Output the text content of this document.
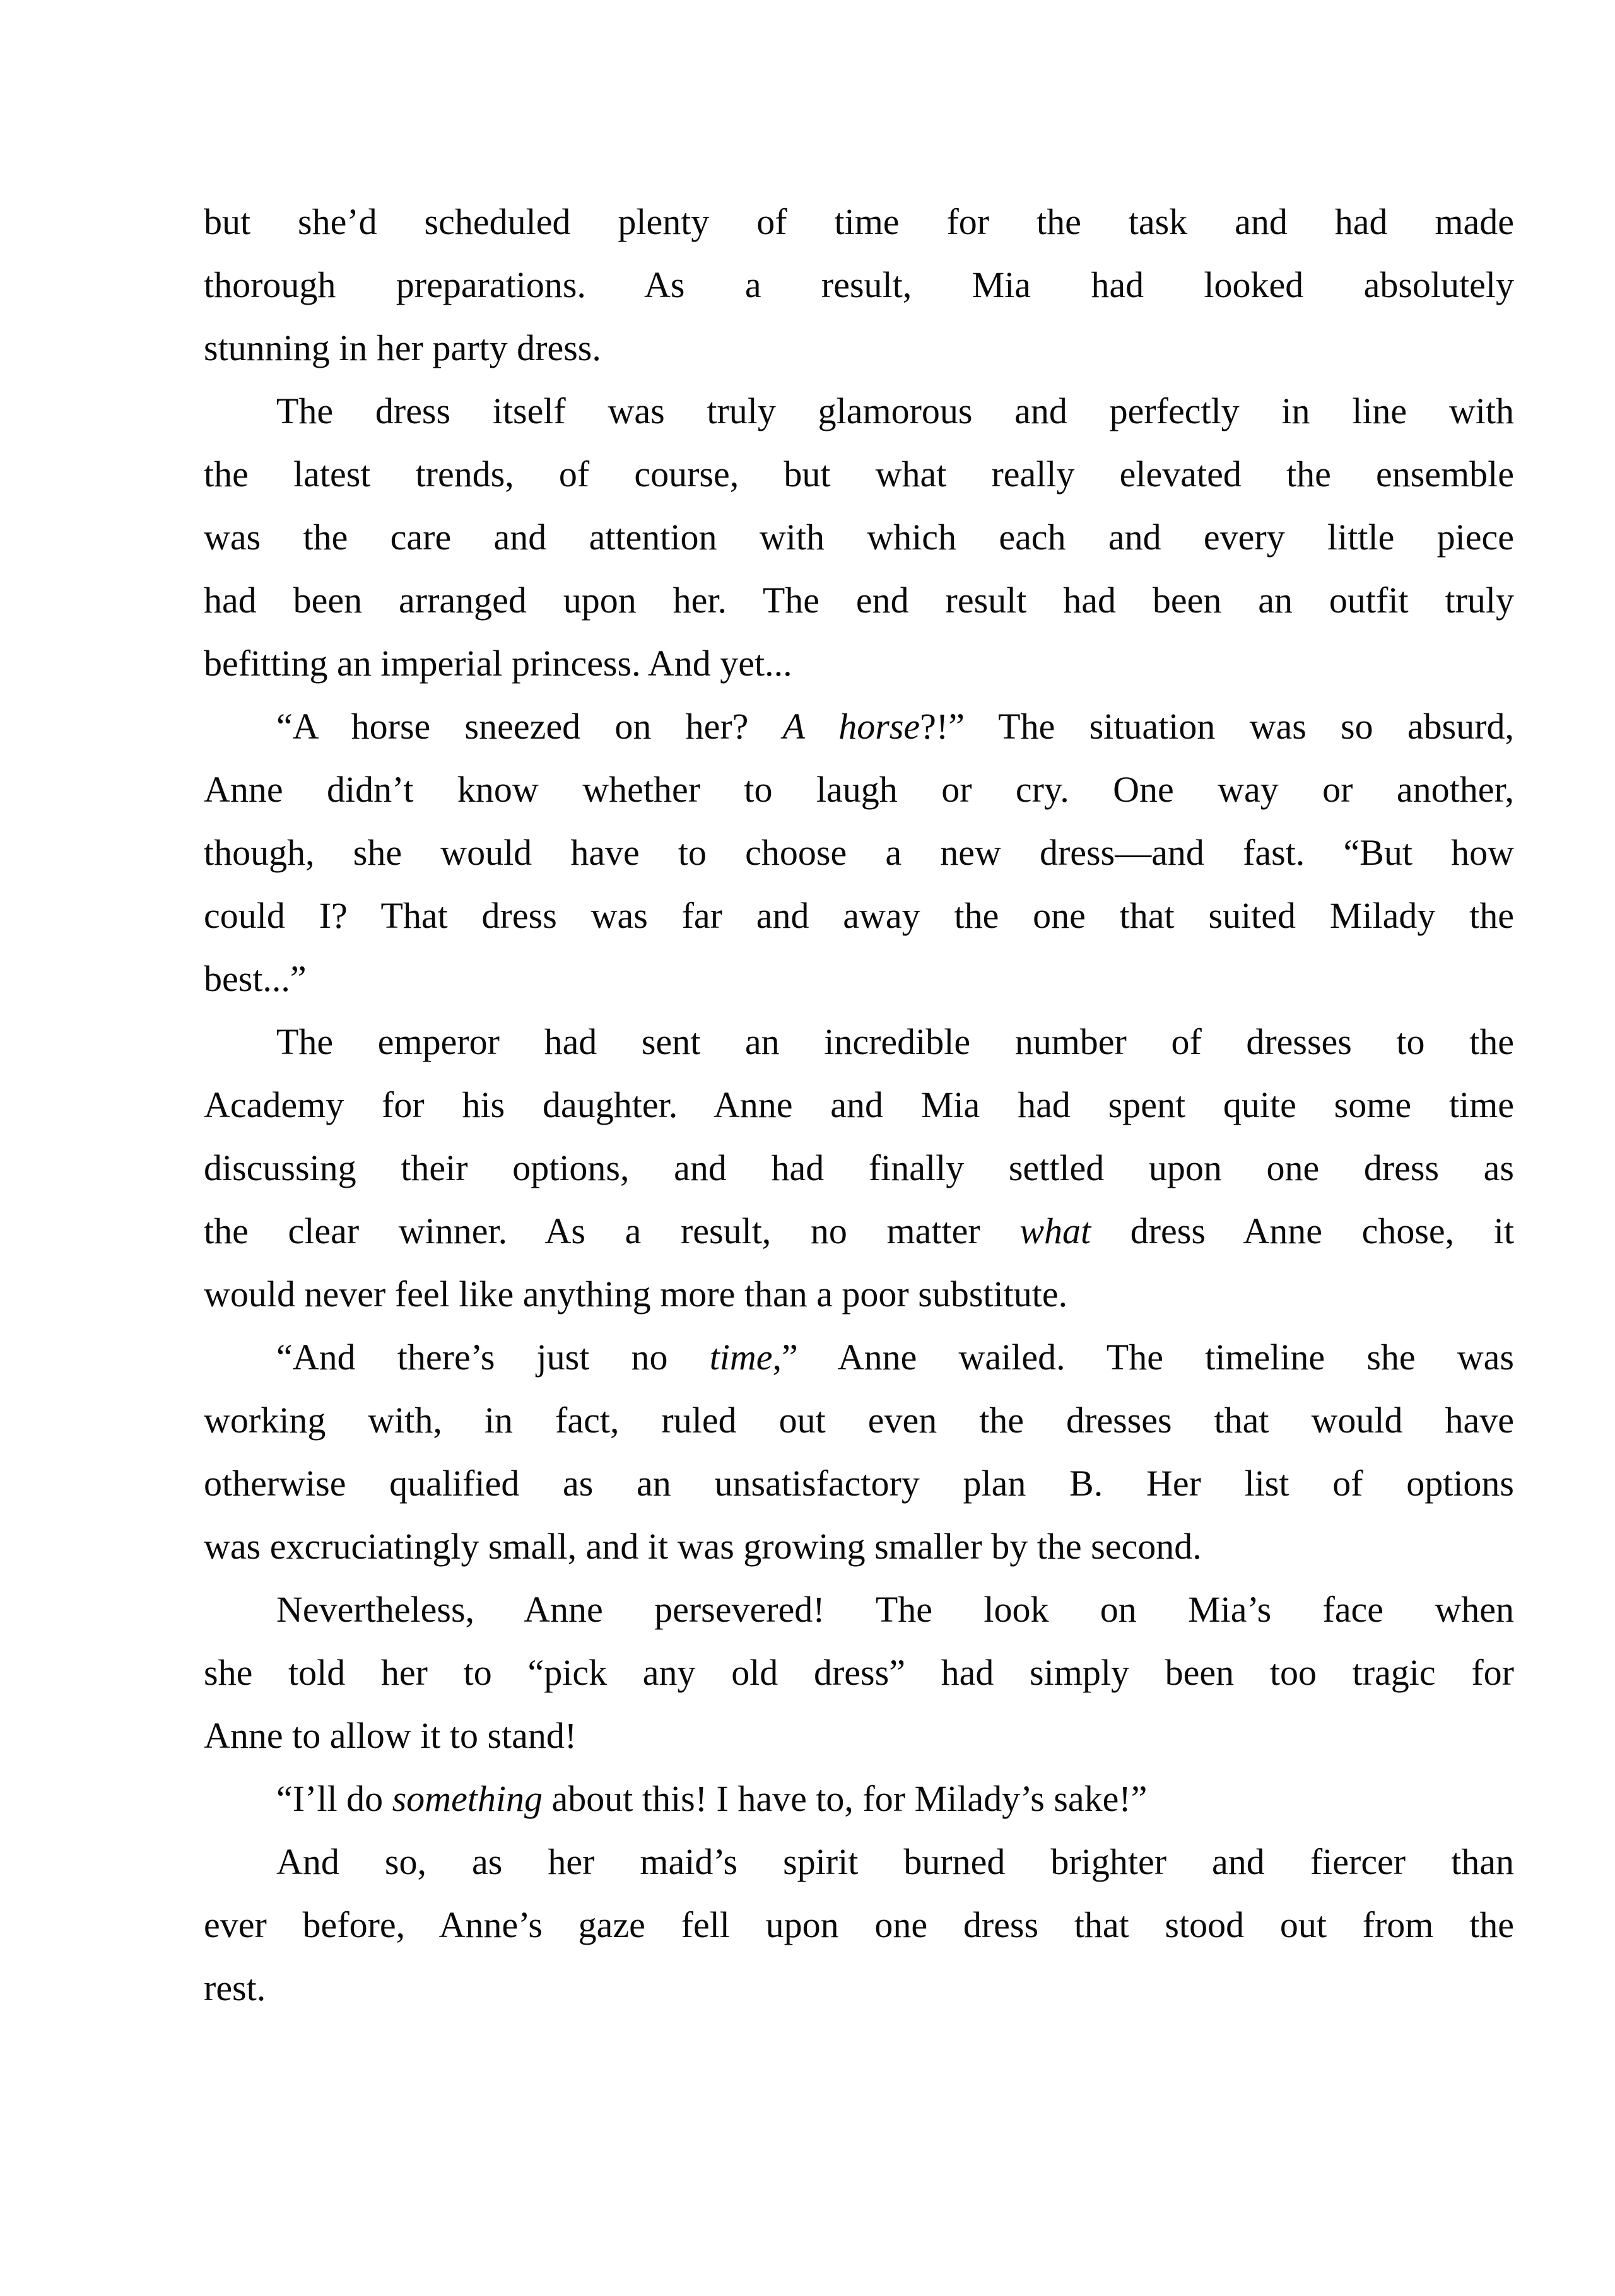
but she’d scheduled plenty of time for the task and had made
thorough preparations. As a result, Mia had looked absolutely
stunning in her party dress.
The dress itself was truly glamorous and perfectly in line with
the latest trends, of course, but what really elevated the ensemble
was the care and attention with which each and every little piece
had been arranged upon her. The end result had been an outfit truly
befitting an imperial princess. And yet...
“A horse sneezed on her? A horse?!” The situation was so absurd,
Anne didn’t know whether to laugh or cry. One way or another,
though, she would have to choose a new dress—and fast. “But how
could I? That dress was far and away the one that suited Milady the
best...”
The emperor had sent an incredible number of dresses to the
Academy for his daughter. Anne and Mia had spent quite some time
discussing their options, and had finally settled upon one dress as
the clear winner. As a result, no matter what dress Anne chose, it
would never feel like anything more than a poor substitute.
“And there’s just no time,” Anne wailed. The timeline she was
working with, in fact, ruled out even the dresses that would have
otherwise qualified as an unsatisfactory plan B. Her list of options
was excruciatingly small, and it was growing smaller by the second.
Nevertheless, Anne persevered! The look on Mia’s face when
she told her to “pick any old dress” had simply been too tragic for
Anne to allow it to stand!
“I’ll do something about this! I have to, for Milady’s sake!”
And so, as her maid’s spirit burned brighter and fiercer than
ever before, Anne’s gaze fell upon one dress that stood out from the
rest.
